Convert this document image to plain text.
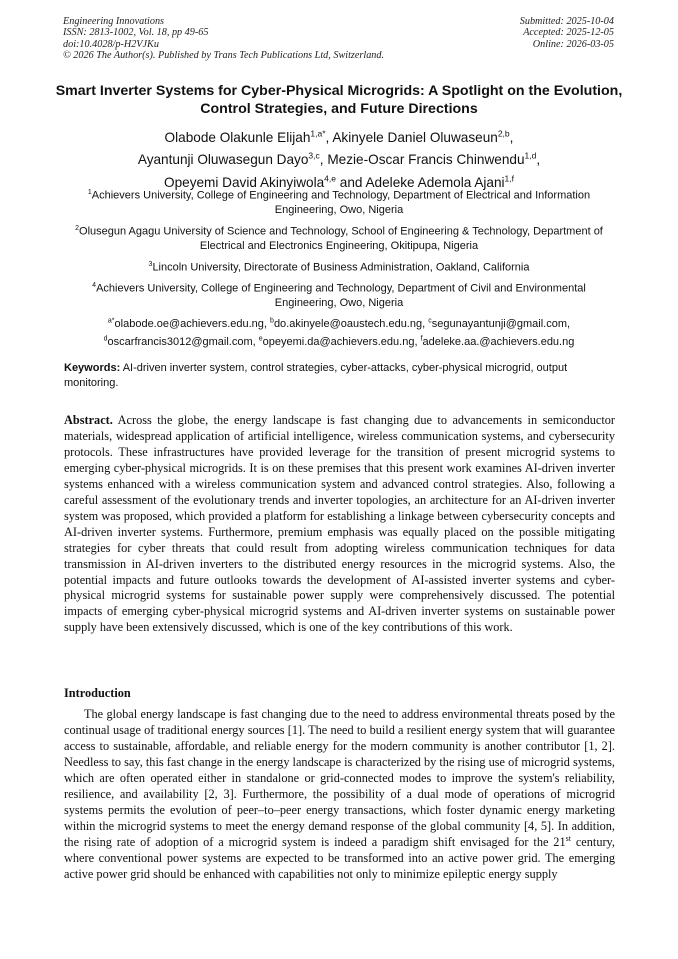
Engineering Innovations
ISSN: 2813-1002, Vol. 18, pp 49-65
doi:10.4028/p-H2VJKu
© 2026 The Author(s). Published by Trans Tech Publications Ltd, Switzerland.
Submitted: 2025-10-04
Accepted: 2025-12-05
Online: 2026-03-05
Smart Inverter Systems for Cyber-Physical Microgrids: A Spotlight on the Evolution, Control Strategies, and Future Directions
Olabode Olakunle Elijah$^{1,a*}$, Akinyele Daniel Oluwaseun$^{2,b}$,
Ayantunji Oluwasegun Dayo$^{3,c}$, Mezie-Oscar Francis Chinwendu$^{1,d}$,
Opeyemi David Akinyiwola$^{4,e}$ and Adeleke Ademola Ajani$^{1,f}$
$^1$Achievers University, College of Engineering and Technology, Department of Electrical and Information Engineering, Owo, Nigeria
$^2$Olusegun Agagu University of Science and Technology, School of Engineering & Technology, Department of Electrical and Electronics Engineering, Okitipupa, Nigeria
$^3$Lincoln University, Directorate of Business Administration, Oakland, California
$^4$Achievers University, College of Engineering and Technology, Department of Civil and Environmental Engineering, Owo, Nigeria
$^{a*}$olabode.oe@achievers.edu.ng, $^b$do.akinyele@oaustech.edu.ng, $^c$segunayantunji@gmail.com,
$^d$oscarfrancis3012@gmail.com, $^e$opeyemi.da@achievers.edu.ng, $^f$adeleke.aa.@achievers.edu.ng
Keywords: AI-driven inverter system, control strategies, cyber-attacks, cyber-physical microgrid, output monitoring.
Abstract. Across the globe, the energy landscape is fast changing due to advancements in semiconductor materials, widespread application of artificial intelligence, wireless communication systems, and cybersecurity protocols. These infrastructures have provided leverage for the transition of present microgrid systems to emerging cyber-physical microgrids. It is on these premises that this present work examines AI-driven inverter systems enhanced with a wireless communication system and advanced control strategies. Also, following a careful assessment of the evolutionary trends and inverter topologies, an architecture for an AI-driven inverter system was proposed, which provided a platform for establishing a linkage between cybersecurity concepts and AI-driven inverter systems. Furthermore, premium emphasis was equally placed on the possible mitigating strategies for cyber threats that could result from adopting wireless communication techniques for data transmission in AI-driven inverters to the distributed energy resources in the microgrid systems. Also, the potential impacts and future outlooks towards the development of AI-assisted inverter systems and cyber-physical microgrid systems for sustainable power supply were comprehensively discussed. The potential impacts of emerging cyber-physical microgrid systems and AI-driven inverter systems on sustainable power supply have been extensively discussed, which is one of the key contributions of this work.
Introduction
The global energy landscape is fast changing due to the need to address environmental threats posed by the continual usage of traditional energy sources [1]. The need to build a resilient energy system that will guarantee access to sustainable, affordable, and reliable energy for the modern community is another contributor [1, 2]. Needless to say, this fast change in the energy landscape is characterized by the rising use of microgrid systems, which are often operated either in standalone or grid-connected modes to improve the system's reliability, resilience, and availability [2, 3]. Furthermore, the possibility of a dual mode of operations of microgrid systems permits the evolution of peer–to–peer energy transactions, which foster dynamic energy marketing within the microgrid systems to meet the energy demand response of the global community [4, 5]. In addition, the rising rate of adoption of a microgrid system is indeed a paradigm shift envisaged for the 21st century, where conventional power systems are expected to be transformed into an active power grid. The emerging active power grid should be enhanced with capabilities not only to minimize epileptic energy supply
